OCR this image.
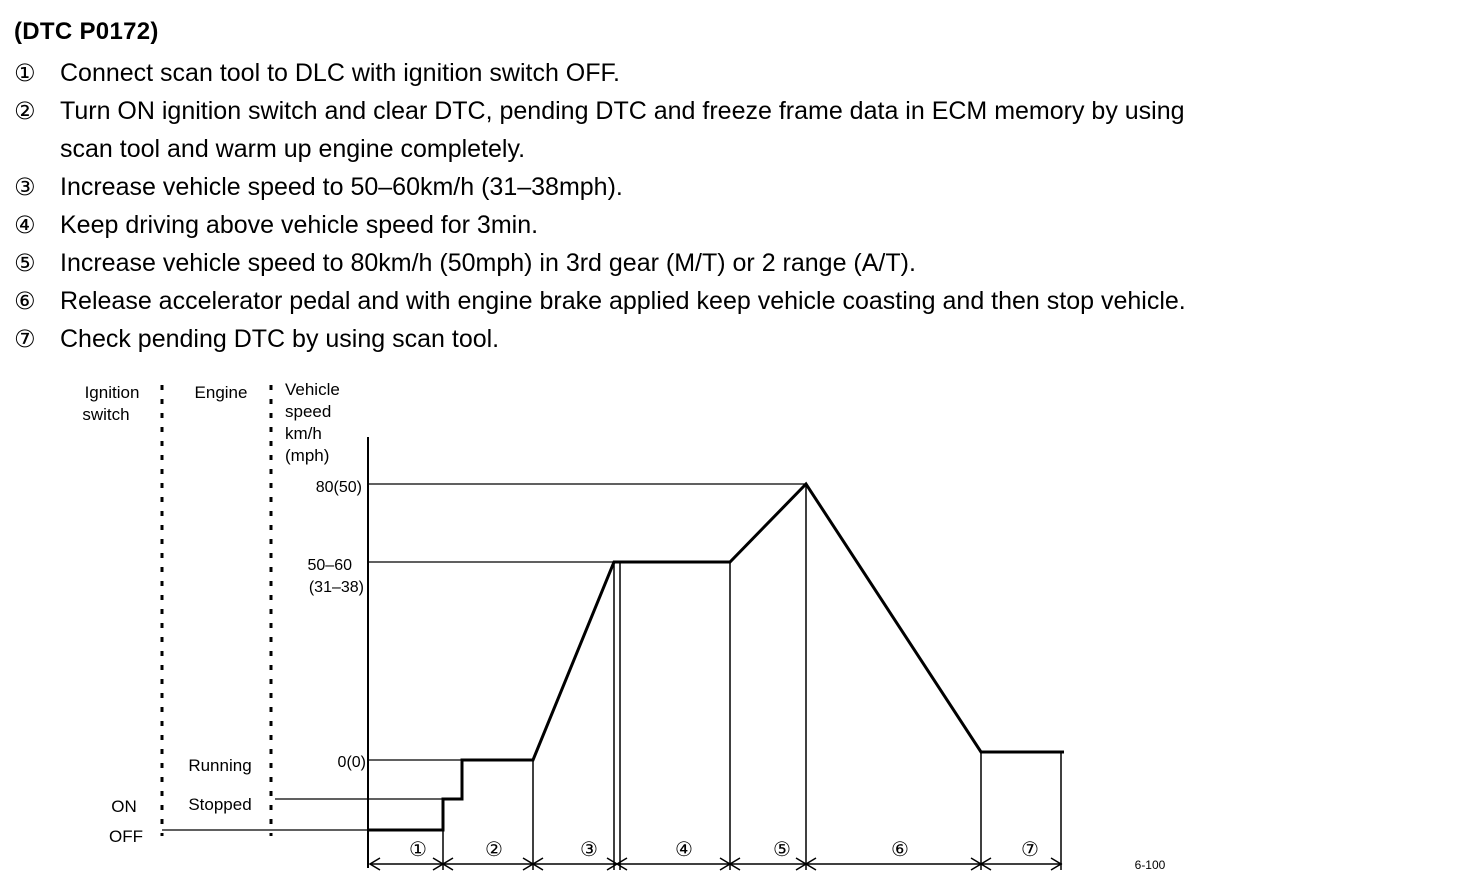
(DTC P0172)
① Connect scan tool to DLC with ignition switch OFF.
② Turn ON ignition switch and clear DTC, pending DTC and freeze frame data in ECM memory by using
scan tool and warm up engine completely.
③ Increase vehicle speed to 50–60km/h (31–38mph).
④ Keep driving above vehicle speed for 3min.
⑤ Increase vehicle speed to 80km/h (50mph) in 3rd gear (M/T) or 2 range (A/T).
⑥ Release accelerator pedal and with engine brake applied keep vehicle coasting and then stop vehicle.
⑦ Check pending DTC by using scan tool.
Ignition
switch
Engine Vehicle
speed
km/h
(mph)
80(50)
50–60
(31–38)
0(0)
Running
Stopped
ON
OFF
①	②	③	④	⑤	⑥	⑦
6-100
